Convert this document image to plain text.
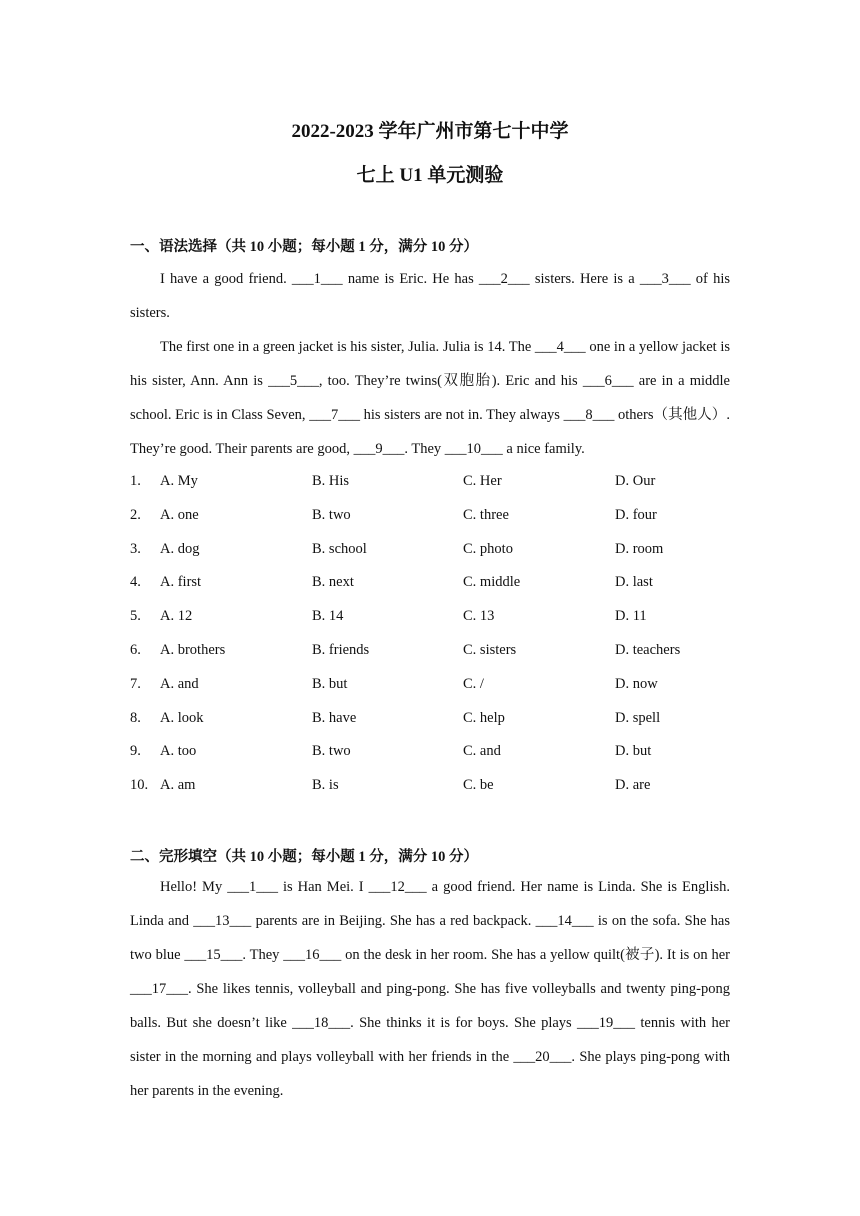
2022-2023 学年广州市第七十中学
七上 U1 单元测验
一、语法选择（共 10 小题；每小题 1 分，满分 10 分）
I have a good friend. ___1___ name is Eric. He has ___2___ sisters. Here is a ___3___ of his sisters.
The first one in a green jacket is his sister, Julia. Julia is 14. The ___4___ one in a yellow jacket is his sister, Ann. Ann is ___5___, too. They’re twins(双胞胎). Eric and his ___6___ are in a middle school. Eric is in Class Seven, ___7___ his sisters are not in. They always ___8___ others（其他人）. They’re good. Their parents are good, ___9___. They ___10___ a nice family.
1. A. My	B. His	C. Her	D. Our
2. A. one	B. two	C. three	D. four
3. A. dog	B. school	C. photo	D. room
4. A. first	B. next	C. middle	D. last
5. A. 12	B. 14	C. 13	D. 11
6. A. brothers	B. friends	C. sisters	D. teachers
7. A. and	B. but	C. /	D. now
8. A. look	B. have	C. help	D. spell
9. A. too	B. two	C. and	D. but
10. A. am	B. is	C. be	D. are
二、完形填空（共 10 小题；每小题 1 分，满分 10 分）
Hello! My ___1___ is Han Mei. I ___12___ a good friend. Her name is Linda. She is English. Linda and ___13___ parents are in Beijing. She has a red backpack. ___14___ is on the sofa. She has two blue ___15___. They ___16___ on the desk in her room. She has a yellow quilt(被子). It is on her ___17___. She likes tennis, volleyball and ping-pong. She has five volleyballs and twenty ping-pong balls. But she doesn’t like ___18___. She thinks it is for boys. She plays ___19___ tennis with her sister in the morning and plays volleyball with her friends in the ___20___. She plays ping-pong with her parents in the evening.
